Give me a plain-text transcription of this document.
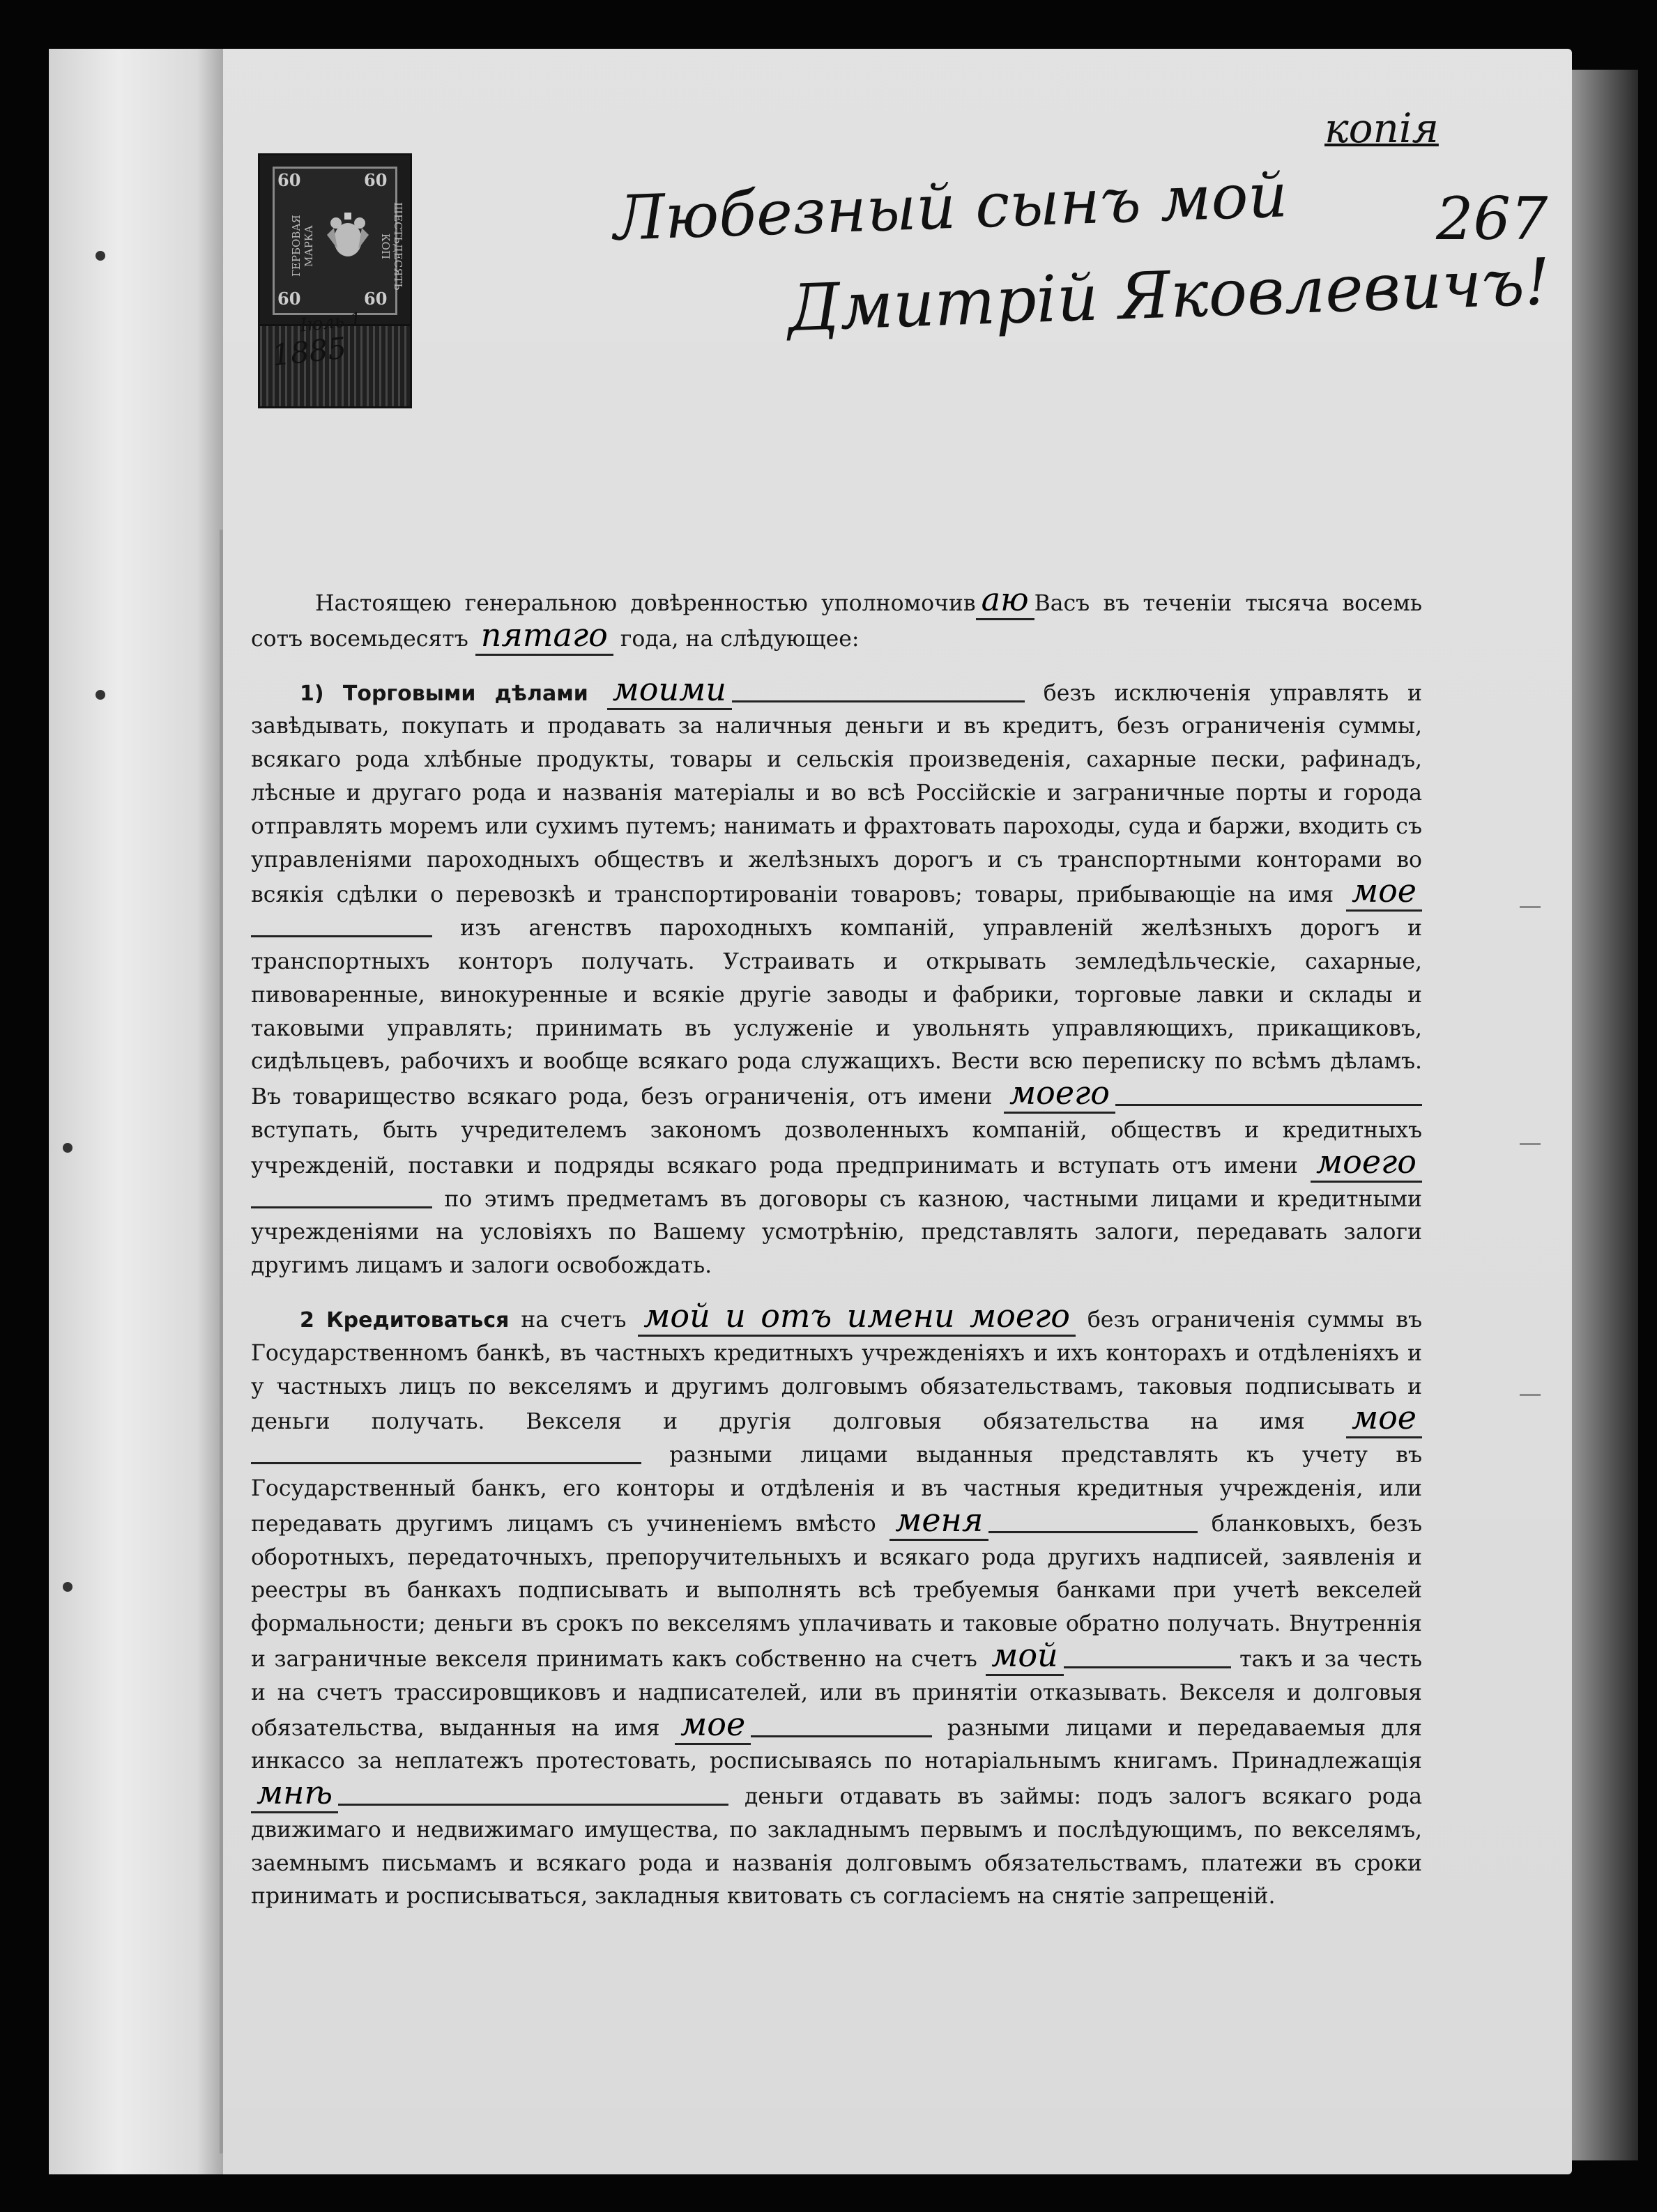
60	60
60	60
ГЕРБОВАЯ МАРКА	ШЕСТЬДЕСЯТЬ КОП
Іюль 1
1885
копія
267
Любезный сынъ мой
Дмитрій Яковлевичъ!

Настоящею генеральною довѣренностью уполномочив аю Васъ въ теченіи тысяча восемь сотъ восемьдесятъ пятаго года, на слѣдующее:

1) Торговыми дѣлами моими	безъ исключенія управлять и завѣдывать, покупать и продавать за наличныя деньги и въ кредитъ, безъ ограниченія суммы, всякаго рода хлѣбные продукты, товары и сельскія произведенія, сахарные пески, рафинадъ, лѣсные и другаго рода и названія матеріалы и во всѣ Россійскіе и заграничные порты и города отправлять моремъ или сухимъ путемъ; нанимать и фрахтовать пароходы, суда и баржи, входить съ управленіями пароходныхъ обществъ и желѣзныхъ дорогъ и съ транспортными конторами во всякія сдѣлки о перевозкѣ и транспортированіи товаровъ; товары, прибывающіе на имя мое изъ агенствъ пароходныхъ компаній, управленій желѣзныхъ дорогъ и транспортныхъ конторъ получать. Устраивать и открывать земледѣльческіе, сахарные, пивоваренные, винокуренные и всякіе другіе заводы и фабрики, торговые лавки и склады и таковыми управлять; принимать въ услуженіе и увольнять управляющихъ, прикащиковъ, сидѣльцевъ, рабочихъ и вообще всякаго рода служащихъ. Вести всю переписку по всѣмъ дѣламъ. Въ товарищество всякаго рода, безъ ограниченія, отъ имени моего вступать, быть учредителемъ закономъ дозволенныхъ компаній, обществъ и кредитныхъ учрежденій, поставки и подряды всякаго рода предпринимать и вступать отъ имени моего по этимъ предметамъ въ договоры съ казною, частными лицами и кредитными учрежденіями на условіяхъ по Вашему усмотрѣнію, представлять залоги, передавать залоги другимъ лицамъ и залоги освобождать.

2 Кредитоваться на счетъ мой и отъ имени моего безъ ограниченія суммы въ Государственномъ банкѣ, въ частныхъ кредитныхъ учрежденіяхъ и ихъ конторахъ и отдѣленіяхъ и у частныхъ лицъ по векселямъ и другимъ долговымъ обязательствамъ, таковыя подписывать и деньги получать. Векселя и другія долговыя обязательства на имя мое разными лицами выданныя представлять къ учету въ Государственный банкъ, его конторы и отдѣленія и въ частныя кредитныя учрежденія, или передавать другимъ лицамъ съ учиненіемъ вмѣсто меня	бланковыхъ, безъ оборотныхъ, передаточныхъ, препоручительныхъ и всякаго рода другихъ надписей, заявленія и реестры въ банкахъ подписывать и выполнять всѣ требуемыя банками при учетѣ векселей формальности; деньги въ срокъ по векселямъ уплачивать и таковые обратно получать. Внутреннія и заграничные векселя принимать какъ собственно на счетъ мой	такъ и за честь и на счетъ трассировщиковъ и надписателей, или въ принятіи отказывать. Векселя и долговыя обязательства, выданныя на имя мое	разными лицами и передаваемыя для инкассо за неплатежъ протестовать, росписываясь по нотаріальнымъ книгамъ. Принадлежащія мнѣ	деньги отдавать въ займы: подъ залогъ всякаго рода движимаго и недвижимаго имущества, по закладнымъ первымъ и послѣдующимъ, по векселямъ, заемнымъ письмамъ и всякаго рода и названія долговымъ обязательствамъ, платежи въ сроки принимать и росписываться, закладныя квитовать съ согласіемъ на снятіе запрещеній.
